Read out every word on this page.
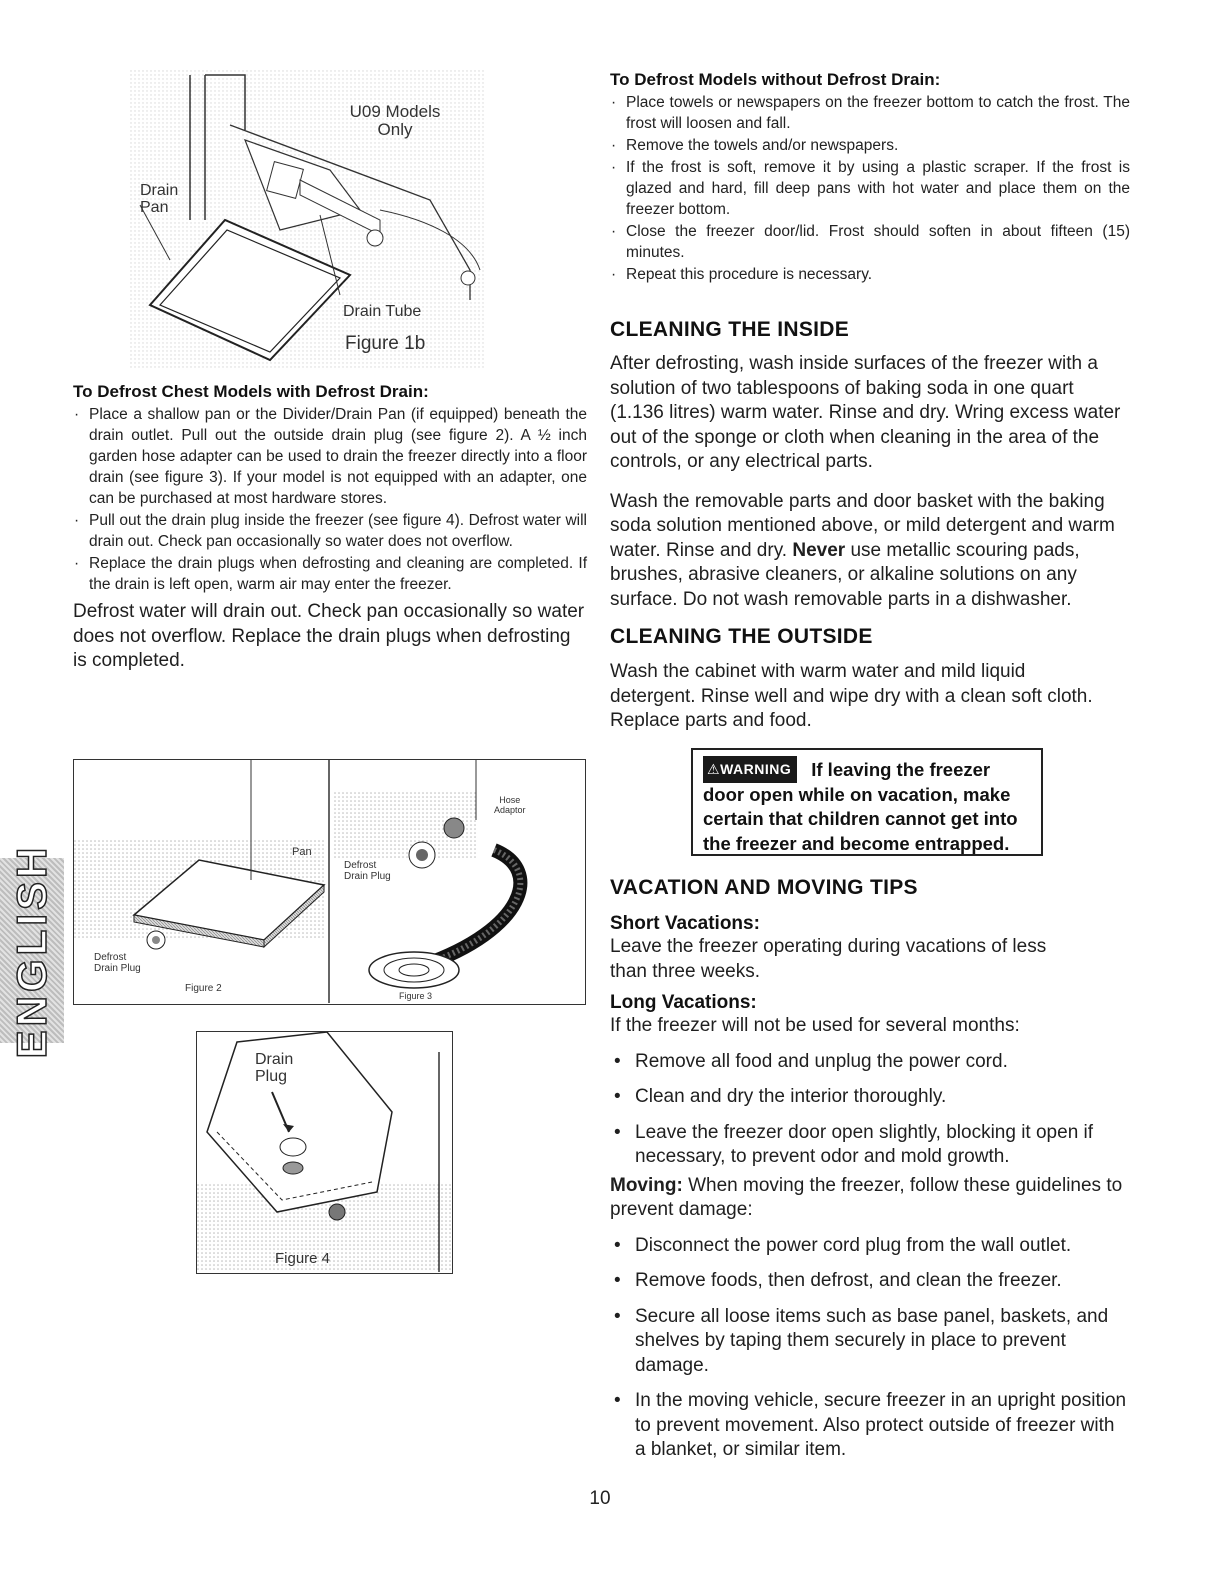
U09 Models
Only
Drain
Pan
Drain Tube
Figure 1b

To Defrost Chest Models with Defrost Drain:

· Place a shallow pan or the Divider/Drain Pan (if equipped) beneath the drain outlet. Pull out the outside drain plug (see figure 2). A ½ inch garden hose adapter can be used to drain the freezer directly into a floor drain (see figure 3). If your model is not equipped with an adapter, one can be purchased at most hardware stores.
· Pull out the drain plug inside the freezer (see figure 4). Defrost water will drain out. Check pan occasionally so water does not overflow.
· Replace the drain plugs when defrosting and cleaning are completed. If the drain is left open, warm air may enter the freezer.

Defrost water will drain out. Check pan occasionally so water does not overflow. Replace the drain plugs when defrosting is completed.

Pan
Defrost
Drain Plug
Figure 2
Hose
Adaptor
Defrost
Drain Plug
Figure 3
Drain
Plug
Figure 4

To Defrost Models without Defrost Drain:

· Place towels or newspapers on the freezer bottom to catch the frost. The frost will loosen and fall.
· Remove the towels and/or newspapers.
· If the frost is soft, remove it by using a plastic scraper. If the frost is glazed and hard, fill deep pans with hot water and place them on the freezer bottom.
· Close the freezer door/lid. Frost should soften in about fifteen (15) minutes.
· Repeat this procedure is necessary.
CLEANING THE INSIDE

After defrosting, wash inside surfaces of the freezer with a solution of two tablespoons of baking soda in one quart (1.136 litres) warm water. Rinse and dry. Wring excess water out of the sponge or cloth when cleaning in the area of the controls, or any electrical parts.

Wash the removable parts and door basket with the baking soda solution mentioned above, or mild detergent and warm water. Rinse and dry. Never use metallic scouring pads, brushes, abrasive cleaners, or alkaline solutions on any surface. Do not wash removable parts in a dishwasher.

CLEANING THE OUTSIDE

Wash the cabinet with warm water and mild liquid detergent. Rinse well and wipe dry with a clean soft cloth. Replace parts and food.

⚠WARNING If leaving the freezer door open while on vacation, make certain that children cannot get into the freezer and become entrapped.
VACATION AND MOVING TIPS

Short Vacations:

Leave the freezer operating during vacations of less than three weeks.

Long Vacations:

If the freezer will not be used for several months:

• Remove all food and unplug the power cord.
• Clean and dry the interior thoroughly.
• Leave the freezer door open slightly, blocking it open if necessary, to prevent odor and mold growth.

Moving: When moving the freezer, follow these guidelines to prevent damage:

• Disconnect the power cord plug from the wall outlet.
• Remove foods, then defrost, and clean the freezer.
• Secure all loose items such as base panel, baskets, and shelves by taping them securely in place to prevent damage.
• In the moving vehicle, secure freezer in an upright position to prevent movement. Also protect outside of freezer with a blanket, or similar item.
ENGLISH
10
